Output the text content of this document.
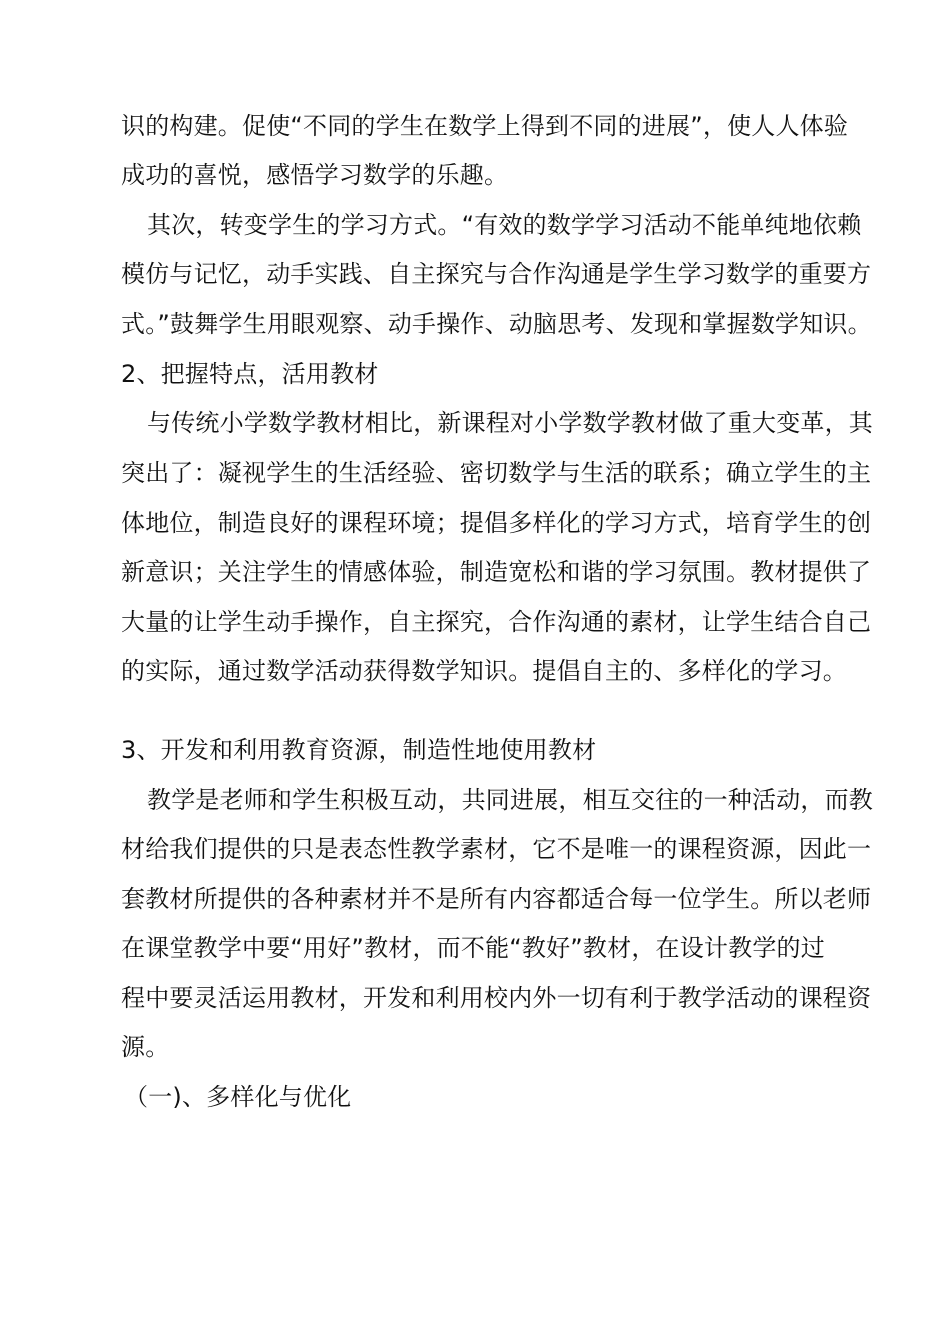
识的构建。促使“不同的学生在数学上得到不同的进展”，使人人体验
成功的喜悦，感悟学习数学的乐趣。
其次，转变学生的学习方式。“有效的数学学习活动不能单纯地依赖
模仿与记忆，动手实践、自主探究与合作沟通是学生学习数学的重要方
式。”鼓舞学生用眼观察、动手操作、动脑思考、发现和掌握数学知识。
2、把握特点，活用教材
与传统小学数学教材相比，新课程对小学数学教材做了重大变革，其
突出了：凝视学生的生活经验、密切数学与生活的联系；确立学生的主
体地位，制造良好的课程环境；提倡多样化的学习方式，培育学生的创
新意识；关注学生的情感体验，制造宽松和谐的学习氛围。教材提供了
大量的让学生动手操作，自主探究，合作沟通的素材，让学生结合自己
的实际，通过数学活动获得数学知识。提倡自主的、多样化的学习。
3、开发和利用教育资源，制造性地使用教材
教学是老师和学生积极互动，共同进展，相互交往的一种活动，而教
材给我们提供的只是表态性教学素材，它不是唯一的课程资源，因此一
套教材所提供的各种素材并不是所有内容都适合每一位学生。所以老师
在课堂教学中要“用好”教材，而不能“教好”教材，在设计教学的过
程中要灵活运用教材，开发和利用校内外一切有利于教学活动的课程资
源。
（一)、多样化与优化
